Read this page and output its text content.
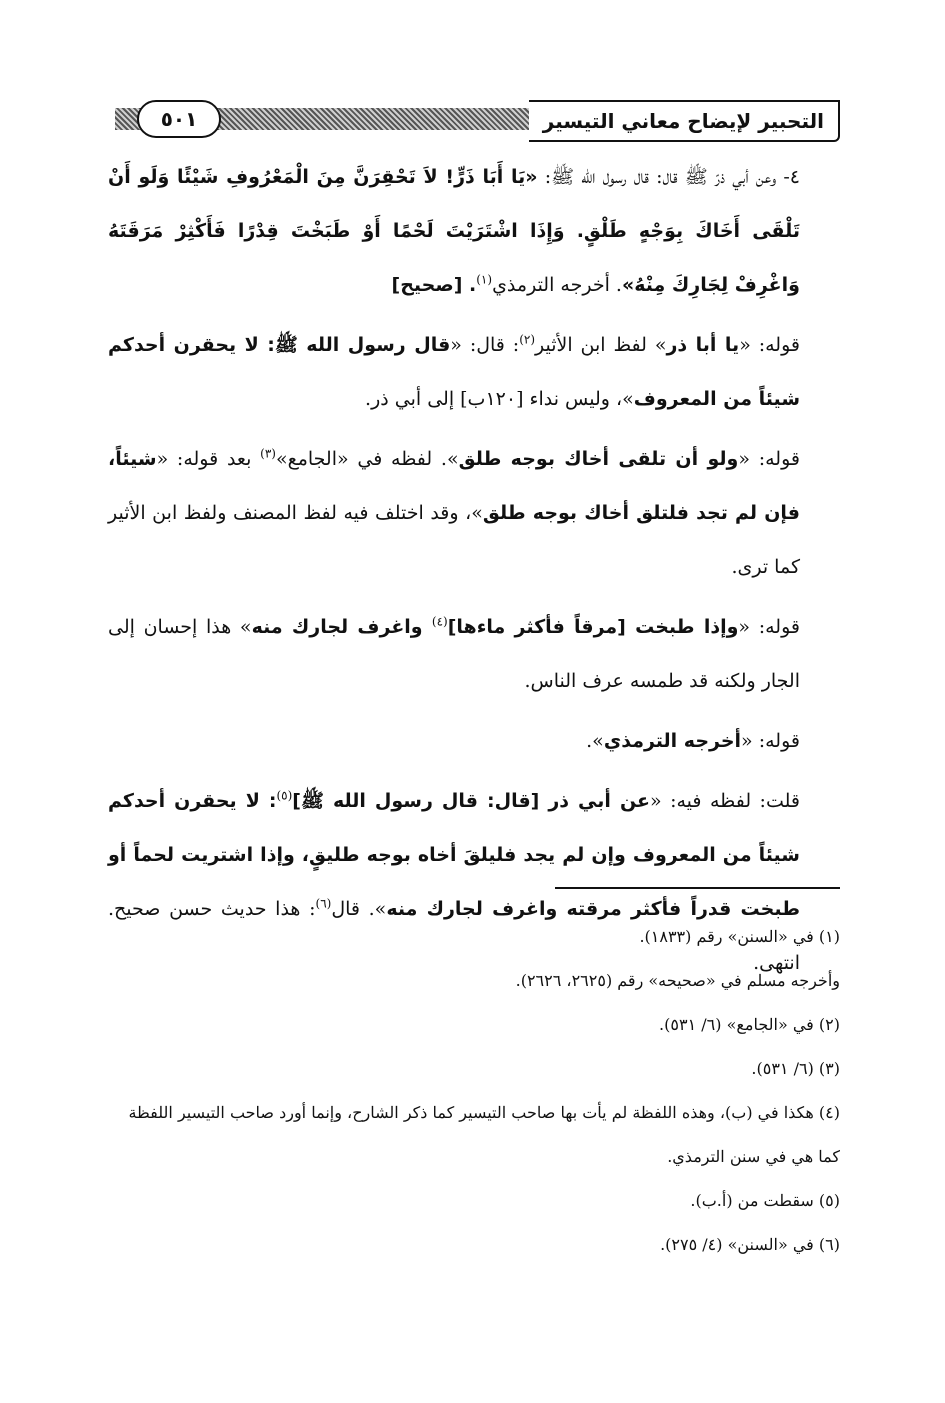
التحبير لإيضاح معاني التيسير
٥٠١

٤- وعن أبي ذرّ ﷺ قال: قال رسول الله ﷺ: «يَا أَبَا ذَرٍّ! لاَ تَحْقِرَنَّ مِنَ الْمَعْرُوفِ شَيْئًا وَلَو أَنْ تَلْقَى أَخَاكَ بِوَجْهٍ طَلْقٍ. وَإِذَا اشْتَرَيْتَ لَحْمًا أَوْ طَبَخْتَ قِدْرًا فَأَكْثِرْ مَرَقَتَهُ وَاغْرِفْ لِجَارِكَ مِنْهُ». أخرجه الترمذي$^{(١)}$. [صحيح]

قوله: «يا أبا ذر» لفظ ابن الأثير$^{(٢)}$: قال: «قال رسول الله ﷺ: لا يحقرن أحدكم شيئاً من المعروف»، وليس نداء [١٢٠ب] إلى أبي ذر.

قوله: «ولو أن تلقى أخاك بوجه طلق». لفظه في «الجامع»$^{(٣)}$ بعد قوله: «شيئاً، فإن لم تجد فلتلق أخاك بوجه طلق»، وقد اختلف فيه لفظ المصنف ولفظ ابن الأثير كما ترى.

قوله: «وإذا طبخت [مرقاً فأكثر ماءها]$^{(٤)}$ واغرف لجارك منه» هذا إحسان إلى الجار ولكنه قد طمسه عرف الناس.

قوله: «أخرجه الترمذي».

قلت: لفظه فيه: «عن أبي ذر [قال: قال رسول الله ﷺ]$^{(٥)}$: لا يحقرن أحدكم شيئاً من المعروف وإن لم يجد فليلقَ أخاه بوجه طليقٍ، وإذا اشتريت لحماً أو طبخت قدراً فأكثر مرقته واغرف لجارك منه». قال$^{(٦)}$: هذا حديث حسن صحيح. انتهى.

(١) في «السنن» رقم (١٨٣٣).
وأخرجه مسلم في «صحيحه» رقم (٢٦٢٥، ٢٦٢٦).
(٢) في «الجامع» (٦/ ٥٣١).
(٣) (٦/ ٥٣١).
(٤) هكذا في (ب)، وهذه اللفظة لم يأت بها صاحب التيسير كما ذكر الشارح، وإنما أورد صاحب التيسير اللفظة كما هي في سنن الترمذي.
(٥) سقطت من (أ.ب).
(٦) في «السنن» (٤/ ٢٧٥).
